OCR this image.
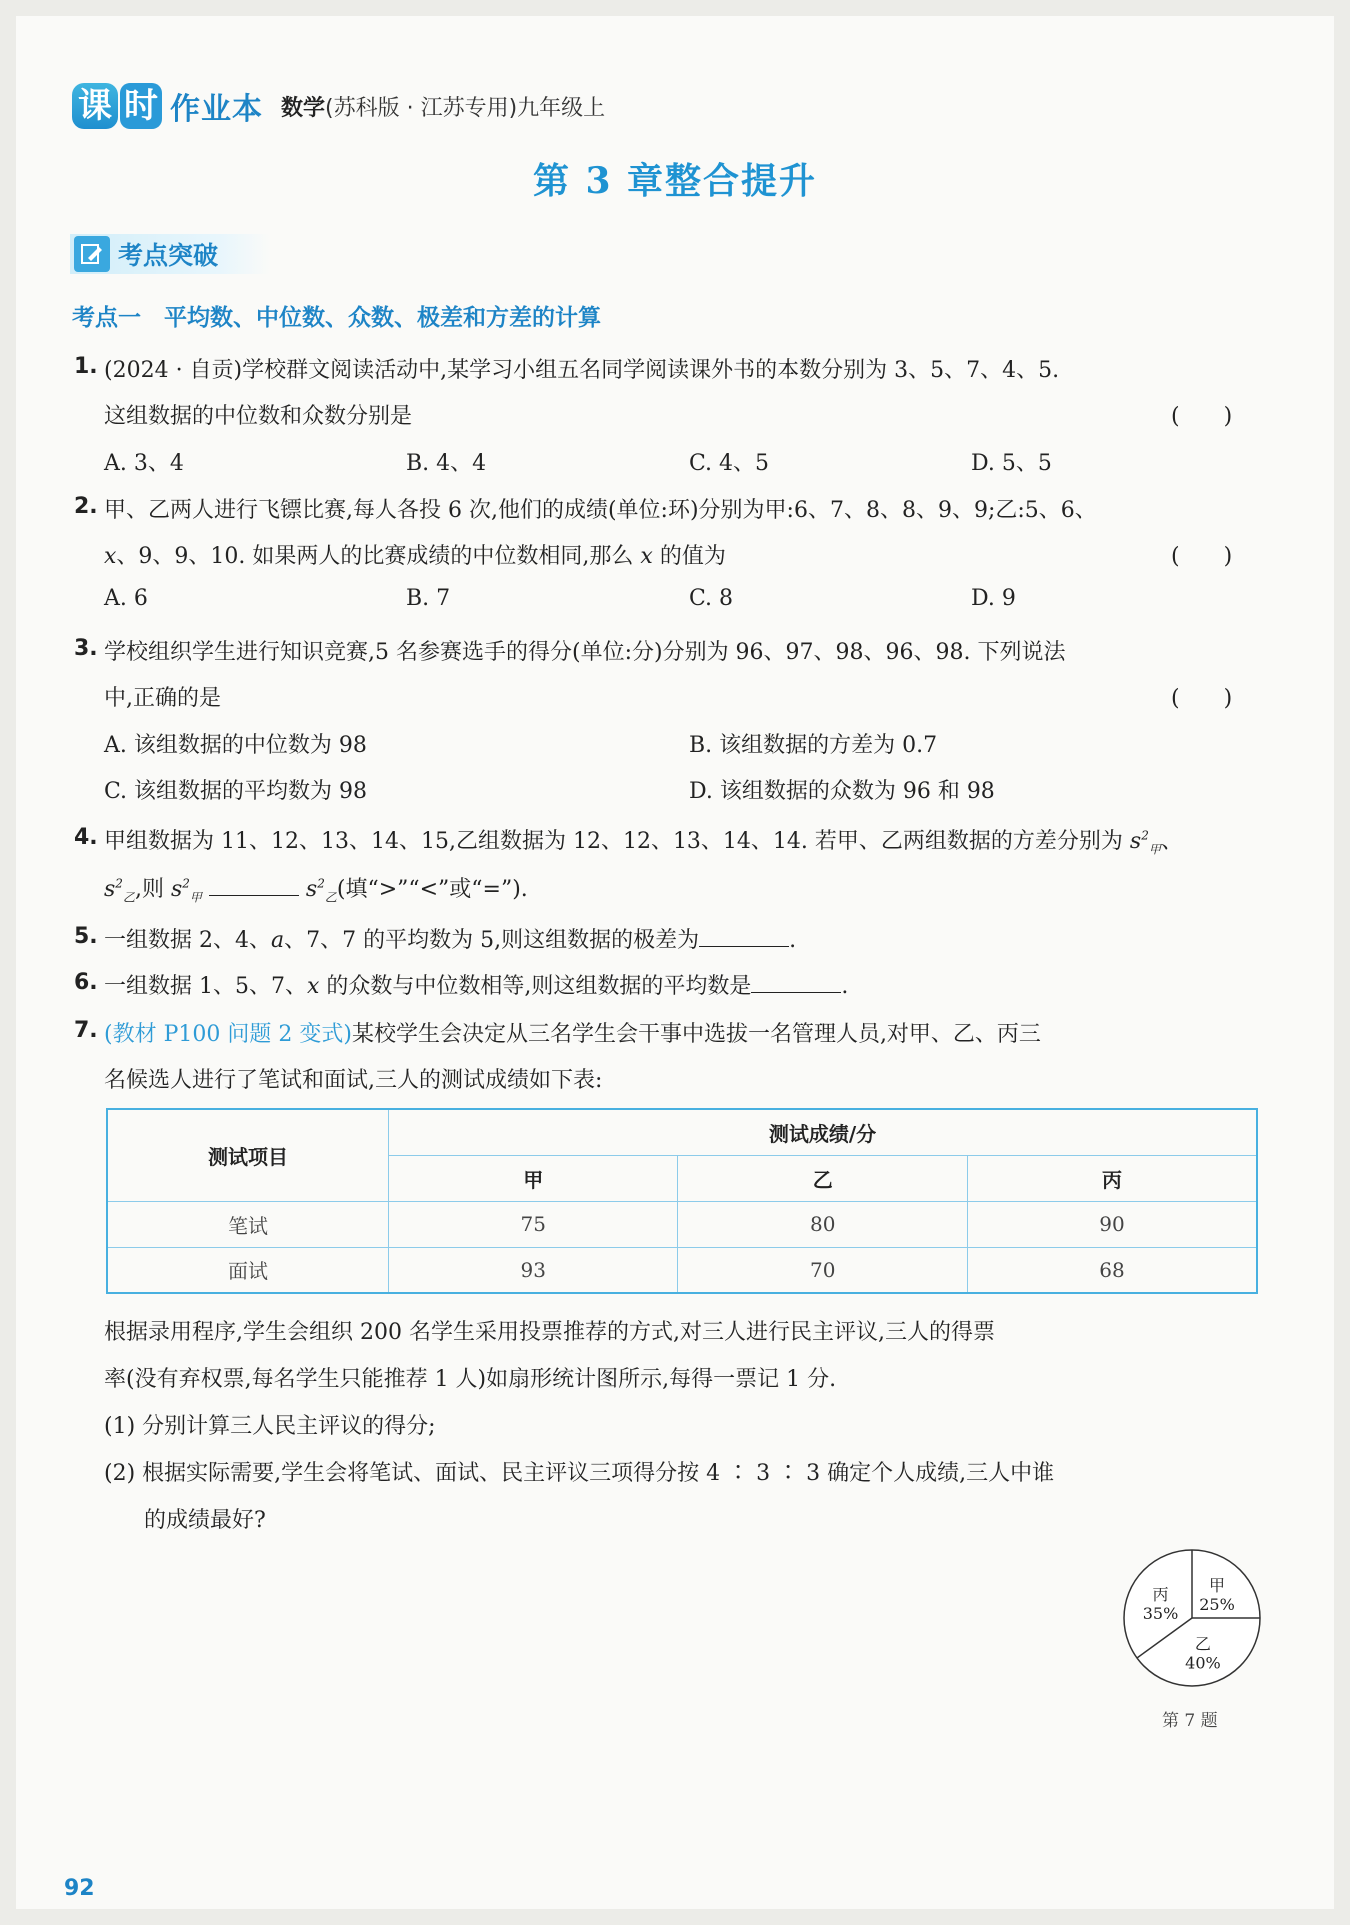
课 时 作业本 数学 (苏科版 · 江苏专用)九年级上
第 3 章整合提升
考点突破
考点一　平均数、中位数、众数、极差和方差的计算
1. (2024 · 自贡)学校群文阅读活动中,某学习小组五名同学阅读课外书的本数分别为 3、5、7、4、5.
这组数据的中位数和众数分别是	(　　)
A. 3、4	B. 4、4	C. 4、5	D. 5、5
2. 甲、乙两人进行飞镖比赛,每人各投 6 次,他们的成绩(单位:环)分别为甲:6、7、8、8、9、9;乙:5、6、
x、9、9、10. 如果两人的比赛成绩的中位数相同,那么 x 的值为	(　　)
A. 6	B. 7	C. 8	D. 9
3. 学校组织学生进行知识竞赛,5 名参赛选手的得分(单位:分)分别为 96、97、98、96、98. 下列说法
中,正确的是	(　　)
A. 该组数据的中位数为 98	B. 该组数据的方差为 0.7
C. 该组数据的平均数为 98	D. 该组数据的众数为 96 和 98
4. 甲组数据为 11、12、13、14、15,乙组数据为 12、12、13、14、14. 若甲、乙两组数据的方差分别为 $s^2_甲$、
$s^2_乙$,则 $s^2_甲$	$s^2_乙$(填“>”“<”或“=”).
5. 一组数据 2、4、a、7、7 的平均数为 5,则这组数据的极差为	.
6. 一组数据 1、5、7、x 的众数与中位数相等,则这组数据的平均数是	.
7. (教材 P100 问题 2 变式)某校学生会决定从三名学生会干事中选拔一名管理人员,对甲、乙、丙三
名候选人进行了笔试和面试,三人的测试成绩如下表:
测试项目	测试成绩/分		
	甲	乙	丙
笔试	75	80	90
面试	93	70	68
根据录用程序,学生会组织 200 名学生采用投票推荐的方式,对三人进行民主评议,三人的得票
率(没有弃权票,每名学生只能推荐 1 人)如扇形统计图所示,每得一票记 1 分.
(1) 分别计算三人民主评议的得分;
(2) 根据实际需要,学生会将笔试、面试、民主评议三项得分按 4 ∶ 3 ∶ 3 确定个人成绩,三人中谁
的成绩最好?
甲
25%
乙
40%
丙
35%
第 7 题
92
